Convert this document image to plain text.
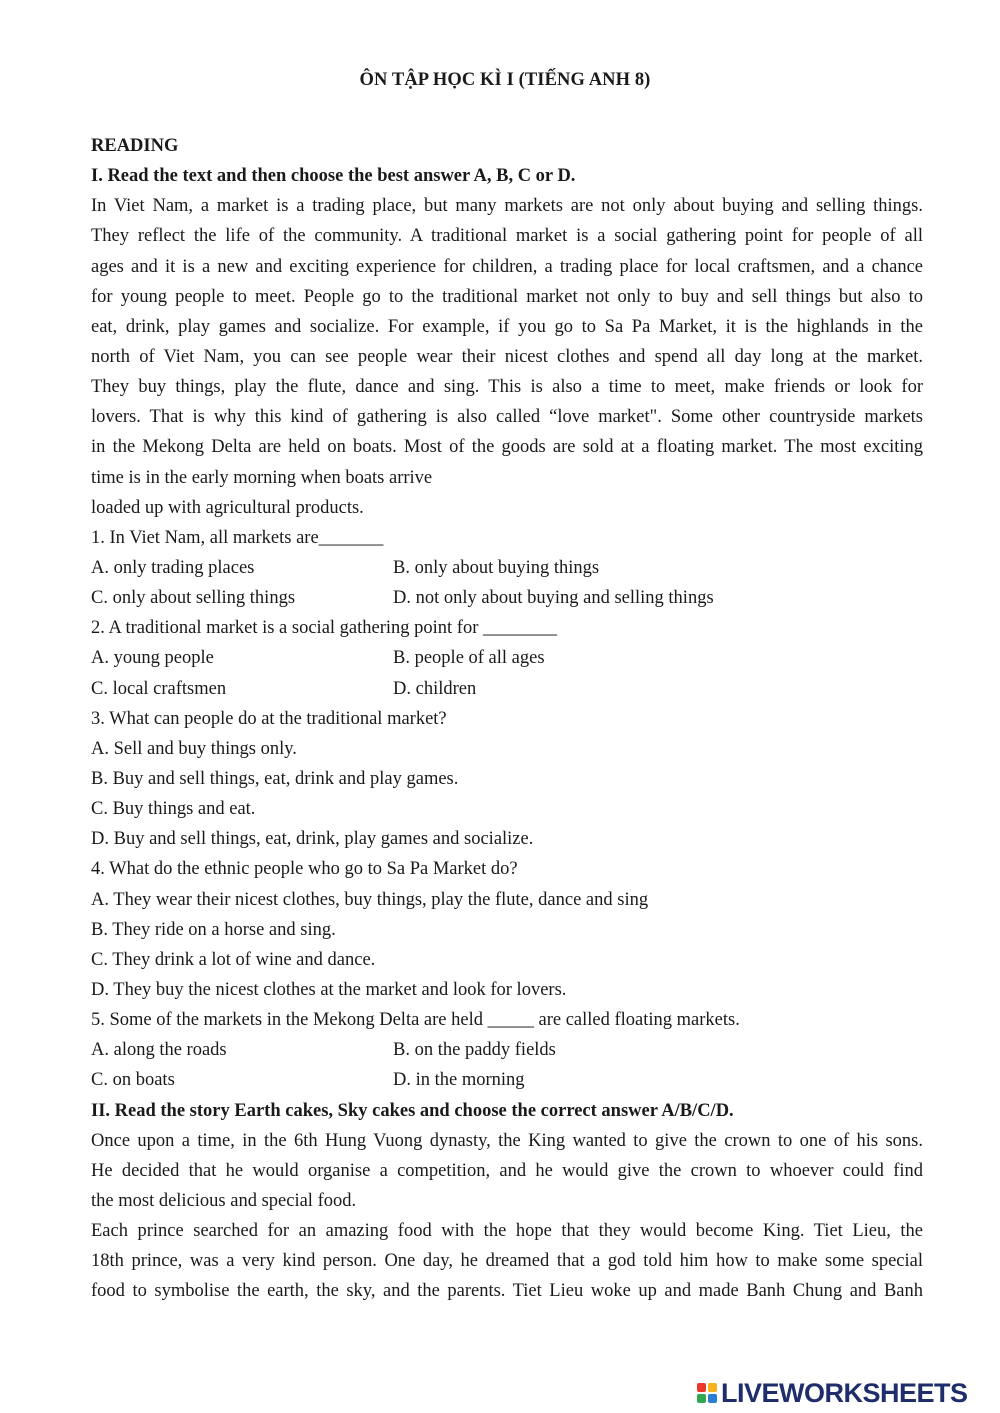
ÔN TẬP HỌC KÌ I (TIẾNG ANH 8)
READING
I. Read the text and then choose the best answer A, B, C or D.
In Viet Nam, a market is a trading place, but many markets are not only about buying and selling things.
They reflect the life of the community. A traditional market is a social gathering point for people of all
ages and it is a new and exciting experience for children, a trading place for local craftsmen, and a chance
for young people to meet. People go to the traditional market not only to buy and sell things but also to
eat, drink, play games and socialize. For example, if you go to Sa Pa Market, it is the highlands in the
north of Viet Nam, you can see people wear their nicest clothes and spend all day long at the market.
They buy things, play the flute, dance and sing. This is also a time to meet, make friends or look for
lovers. That is why this kind of gathering is also called “love market". Some other countryside markets
in the Mekong Delta are held on boats. Most of the goods are sold at a floating market. The most exciting
time is in the early morning when boats arrive
loaded up with agricultural products.
1. In Viet Nam, all markets are_______
A. only trading places	B. only about buying things
C. only about selling things	D. not only about buying and selling things
2. A traditional market is a social gathering point for ________
A. young people	B. people of all ages
C. local craftsmen	D. children
3. What can people do at the traditional market?
A. Sell and buy things only.
B. Buy and sell things, eat, drink and play games.
C. Buy things and eat.
D. Buy and sell things, eat, drink, play games and socialize.
4. What do the ethnic people who go to Sa Pa Market do?
A. They wear their nicest clothes, buy things, play the flute, dance and sing
B. They ride on a horse and sing.
C. They drink a lot of wine and dance.
D. They buy the nicest clothes at the market and look for lovers.
5. Some of the markets in the Mekong Delta are held _____ are called floating markets.
A. along the roads	B. on the paddy fields
C. on boats	D. in the morning
II. Read the story Earth cakes, Sky cakes and choose the correct answer A/B/C/D.
Once upon a time, in the 6th Hung Vuong dynasty, the King wanted to give the crown to one of his sons.
He decided that he would organise a competition, and he would give the crown to whoever could find
the most delicious and special food.
Each prince searched for an amazing food with the hope that they would become King. Tiet Lieu, the
18th prince, was a very kind person. One day, he dreamed that a god told him how to make some special
food to symbolise the earth, the sky, and the parents. Tiet Lieu woke up and made Banh Chung and Banh
LIVEWORKSHEETS
